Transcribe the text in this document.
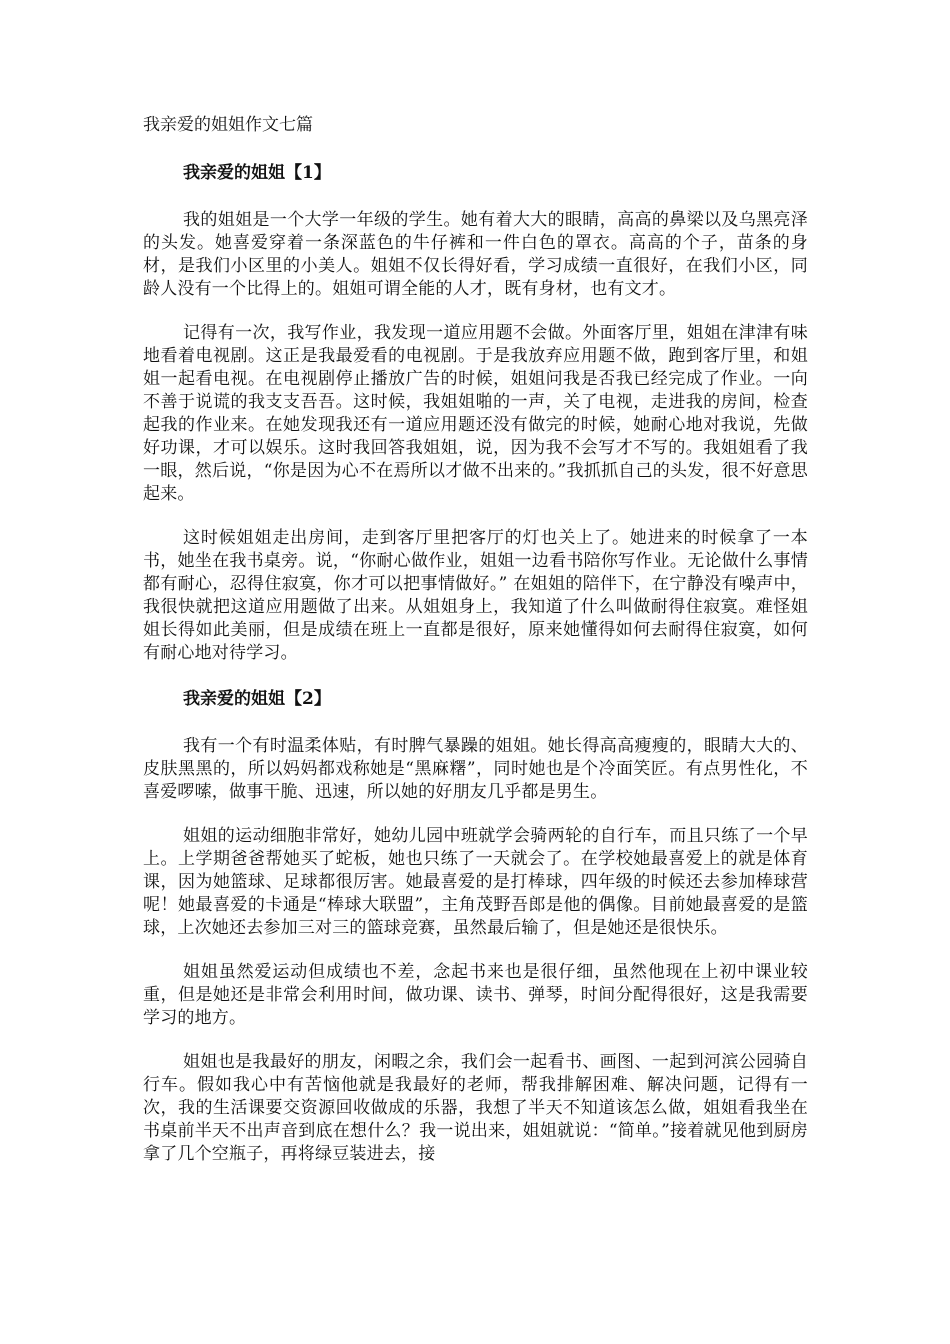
我亲爱的姐姐作文七篇
我亲爱的姐姐【1】

我的姐姐是一个大学一年级的学生。她有着大大的眼睛，高高的鼻梁以及乌黑亮泽的头发。她喜爱穿着一条深蓝色的牛仔裤和一件白色的罩衣。高高的个子，苗条的身材，是我们小区里的小美人。姐姐不仅长得好看，学习成绩一直很好，在我们小区，同龄人没有一个比得上的。姐姐可谓全能的人才，既有身材，也有文才。

记得有一次，我写作业，我发现一道应用题不会做。外面客厅里，姐姐在津津有味地看着电视剧。这正是我最爱看的电视剧。于是我放弃应用题不做，跑到客厅里，和姐姐一起看电视。在电视剧停止播放广告的时候，姐姐问我是否我已经完成了作业。一向不善于说谎的我支支吾吾。这时候，我姐姐啪的一声，关了电视，走进我的房间，检查起我的作业来。在她发现我还有一道应用题还没有做完的时候，她耐心地对我说，先做好功课，才可以娱乐。这时我回答我姐姐，说，因为我不会写才不写的。我姐姐看了我一眼，然后说，“你是因为心不在焉所以才做不出来的。”我抓抓自己的头发，很不好意思起来。

这时候姐姐走出房间，走到客厅里把客厅的灯也关上了。她进来的时候拿了一本书，她坐在我书桌旁。说，“你耐心做作业，姐姐一边看书陪你写作业。无论做什么事情都有耐心，忍得住寂寞，你才可以把事情做好。” 在姐姐的陪伴下，在宁静没有噪声中，我很快就把这道应用题做了出来。从姐姐身上，我知道了什么叫做耐得住寂寞。难怪姐姐长得如此美丽，但是成绩在班上一直都是很好，原来她懂得如何去耐得住寂寞，如何有耐心地对待学习。

我亲爱的姐姐【2】

我有一个有时温柔体贴，有时脾气暴躁的姐姐。她长得高高瘦瘦的，眼睛大大的、皮肤黑黑的，所以妈妈都戏称她是“黑麻糬”，同时她也是个冷面笑匠。有点男性化，不喜爱啰嗦，做事干脆、迅速，所以她的好朋友几乎都是男生。

姐姐的运动细胞非常好，她幼儿园中班就学会骑两轮的自行车，而且只练了一个早上。上学期爸爸帮她买了蛇板，她也只练了一天就会了。在学校她最喜爱上的就是体育课，因为她篮球、足球都很厉害。她最喜爱的是打棒球，四年级的时候还去参加棒球营呢！她最喜爱的卡通是“棒球大联盟”，主角茂野吾郎是他的偶像。目前她最喜爱的是篮球，上次她还去参加三对三的篮球竞赛，虽然最后输了，但是她还是很快乐。

姐姐虽然爱运动但成绩也不差，念起书来也是很仔细，虽然他现在上初中课业较重，但是她还是非常会利用时间，做功课、读书、弹琴，时间分配得很好，这是我需要学习的地方。

姐姐也是我最好的朋友，闲暇之余，我们会一起看书、画图、一起到河滨公园骑自行车。假如我心中有苦恼他就是我最好的老师，帮我排解困难、解决问题，记得有一次，我的生活课要交资源回收做成的乐器，我想了半天不知道该怎么做，姐姐看我坐在书桌前半天不出声音到底在想什么？我一说出来，姐姐就说：“简单。”接着就见他到厨房拿了几个空瓶子，再将绿豆装进去，接
